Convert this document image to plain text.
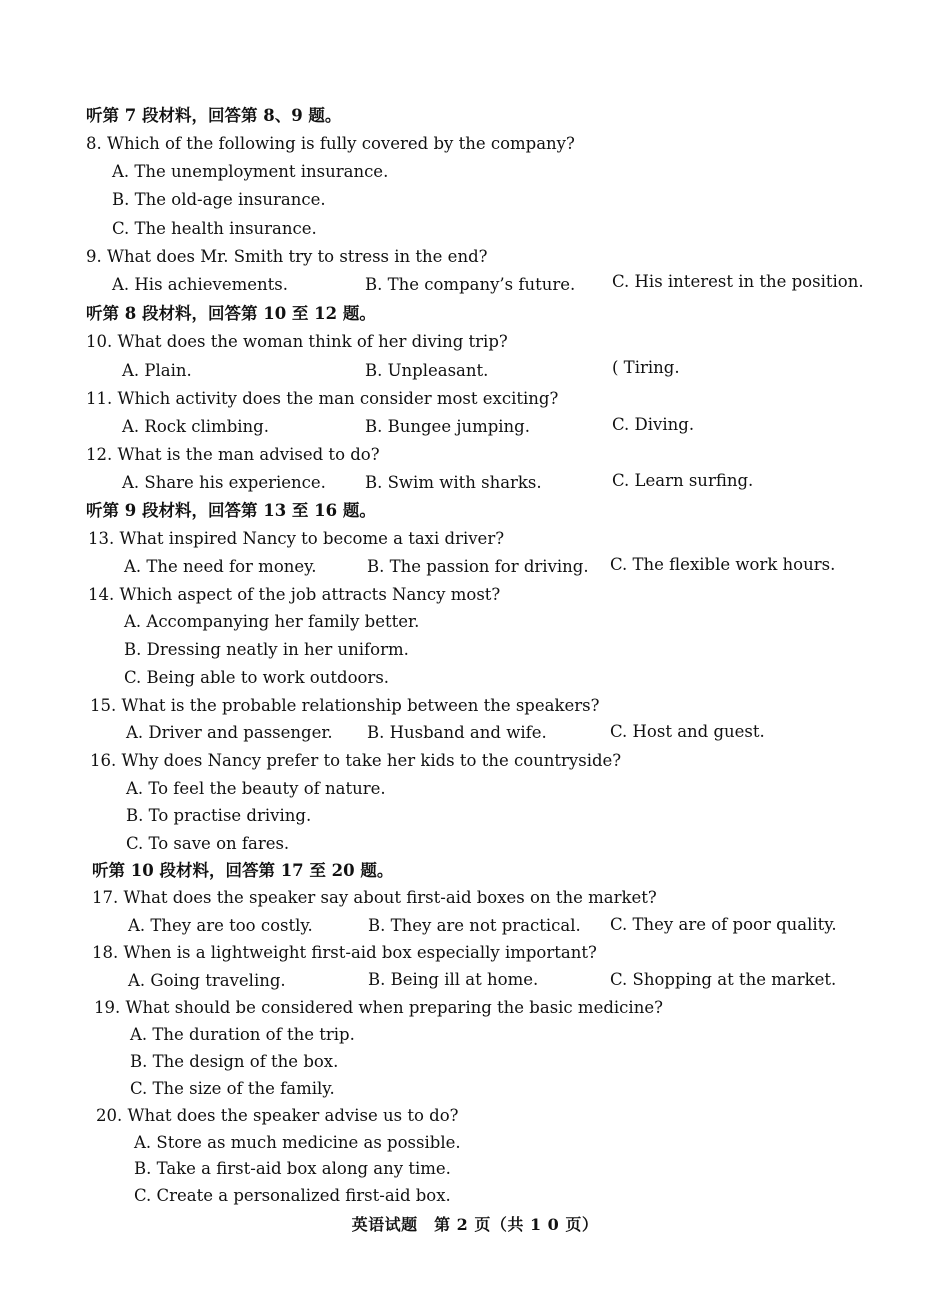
听第 7 段材料，回答第 8、9 题。
8. Which of the following is fully covered by the company?
A. The unemployment insurance.
B. The old-age insurance.
C. The health insurance.
9. What does Mr. Smith try to stress in the end?
A. His achievements.	B. The company’s future. C. His interest in the position.
听第 8 段材料，回答第 10 至 12 题。
10. What does the woman think of her diving trip?
A. Plain.	B. Unpleasant.	( Tiring.
11. Which activity does the man consider most exciting?
A. Rock climbing.	B. Bungee jumping.	C. Diving.
12. What is the man advised to do?
A. Share his experience. B. Swim with sharks.	C. Learn surfing.
听第 9 段材料，回答第 13 至 16 题。
13. What inspired Nancy to become a taxi driver?
A. The need for money.	B. The passion for driving. C. The flexible work hours.
14. Which aspect of the job attracts Nancy most?
A. Accompanying her family better.
B. Dressing neatly in her uniform.
C. Being able to work outdoors.
15. What is the probable relationship between the speakers?
A. Driver and passenger. B. Husband and wife.	C. Host and guest.
16. Why does Nancy prefer to take her kids to the countryside?
A. To feel the beauty of nature.
B. To practise driving.
C. To save on fares.
听第 10 段材料，回答第 17 至 20 题。
17. What does the speaker say about first-aid boxes on the market?
A. They are too costly.	B. They are not practical. C. They are of poor quality.
18. When is a lightweight first-aid box especially important?
A. Going traveling.	B. Being ill at home.	C. Shopping at the market.
19. What should be considered when preparing the basic medicine?
A. The duration of the trip.
B. The design of the box.
C. The size of the family.
20. What does the speaker advise us to do?
A. Store as much medicine as possible.
B. Take a first-aid box along any time.
C. Create a personalized first-aid box.
英语试题　第 2 页（共 1 0 页）
